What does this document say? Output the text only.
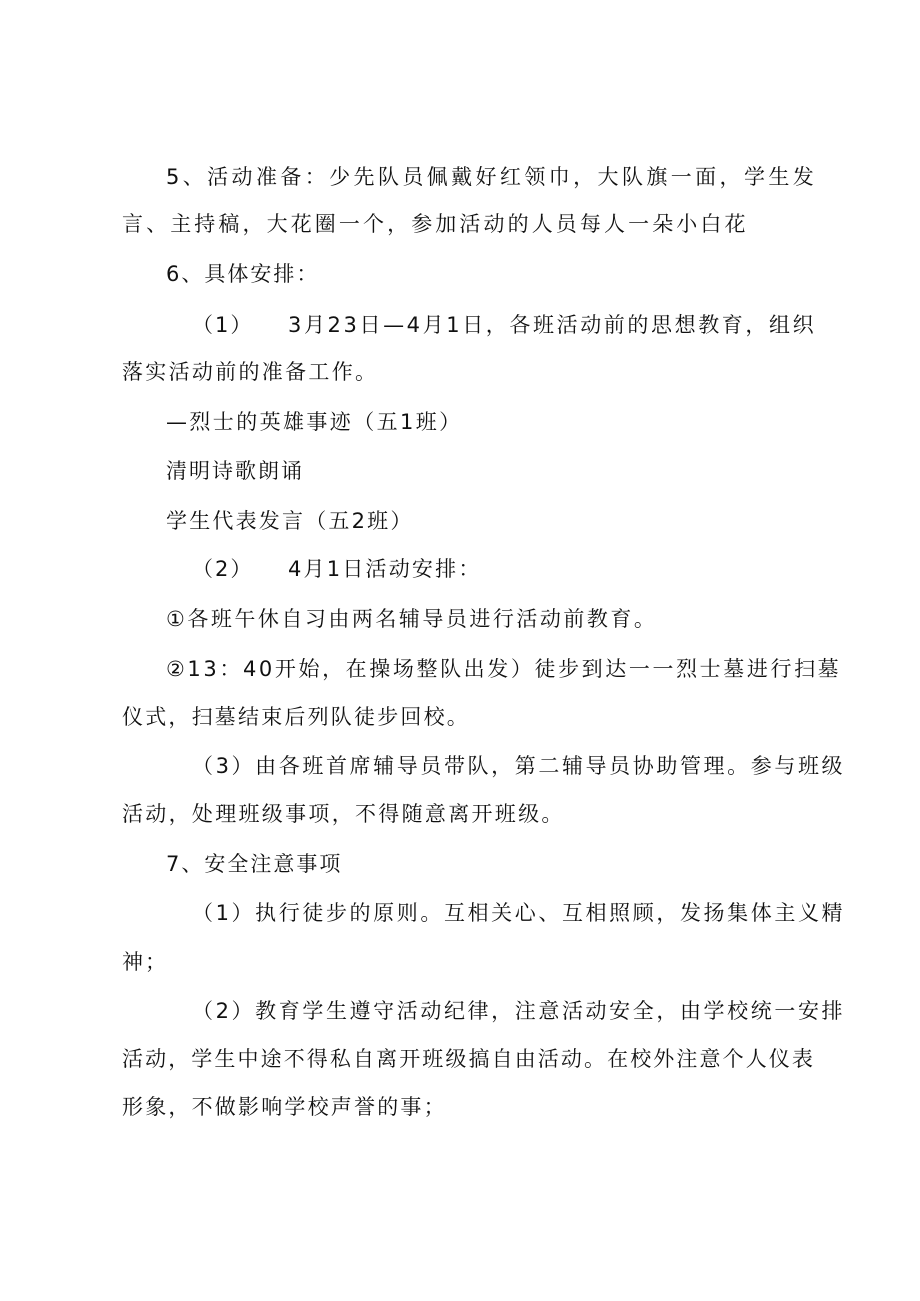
5、活动准备：少先队员佩戴好红领巾，大队旗一面，学生发
言、主持稿，大花圈一个，参加活动的人员每人一朵小白花
6、具体安排：
（1） 3月23日—4月1日，各班活动前的思想教育，组织
落实活动前的准备工作。
—烈士的英雄事迹（五1班）
清明诗歌朗诵
学生代表发言（五2班）
（2） 4月1日活动安排：
①各班午休自习由两名辅导员进行活动前教育。
②13：40开始，在操场整队出发）徒步到达一一烈士墓进行扫墓
仪式，扫墓结束后列队徒步回校。
（3）由各班首席辅导员带队，第二辅导员协助管理。参与班级
活动，处理班级事项，不得随意离开班级。
7、安全注意事项
（1）执行徒步的原则。互相关心、互相照顾，发扬集体主义精
神；
（2）教育学生遵守活动纪律，注意活动安全，由学校统一安排
活动，学生中途不得私自离开班级搞自由活动。在校外注意个人仪表
形象，不做影响学校声誉的事；
